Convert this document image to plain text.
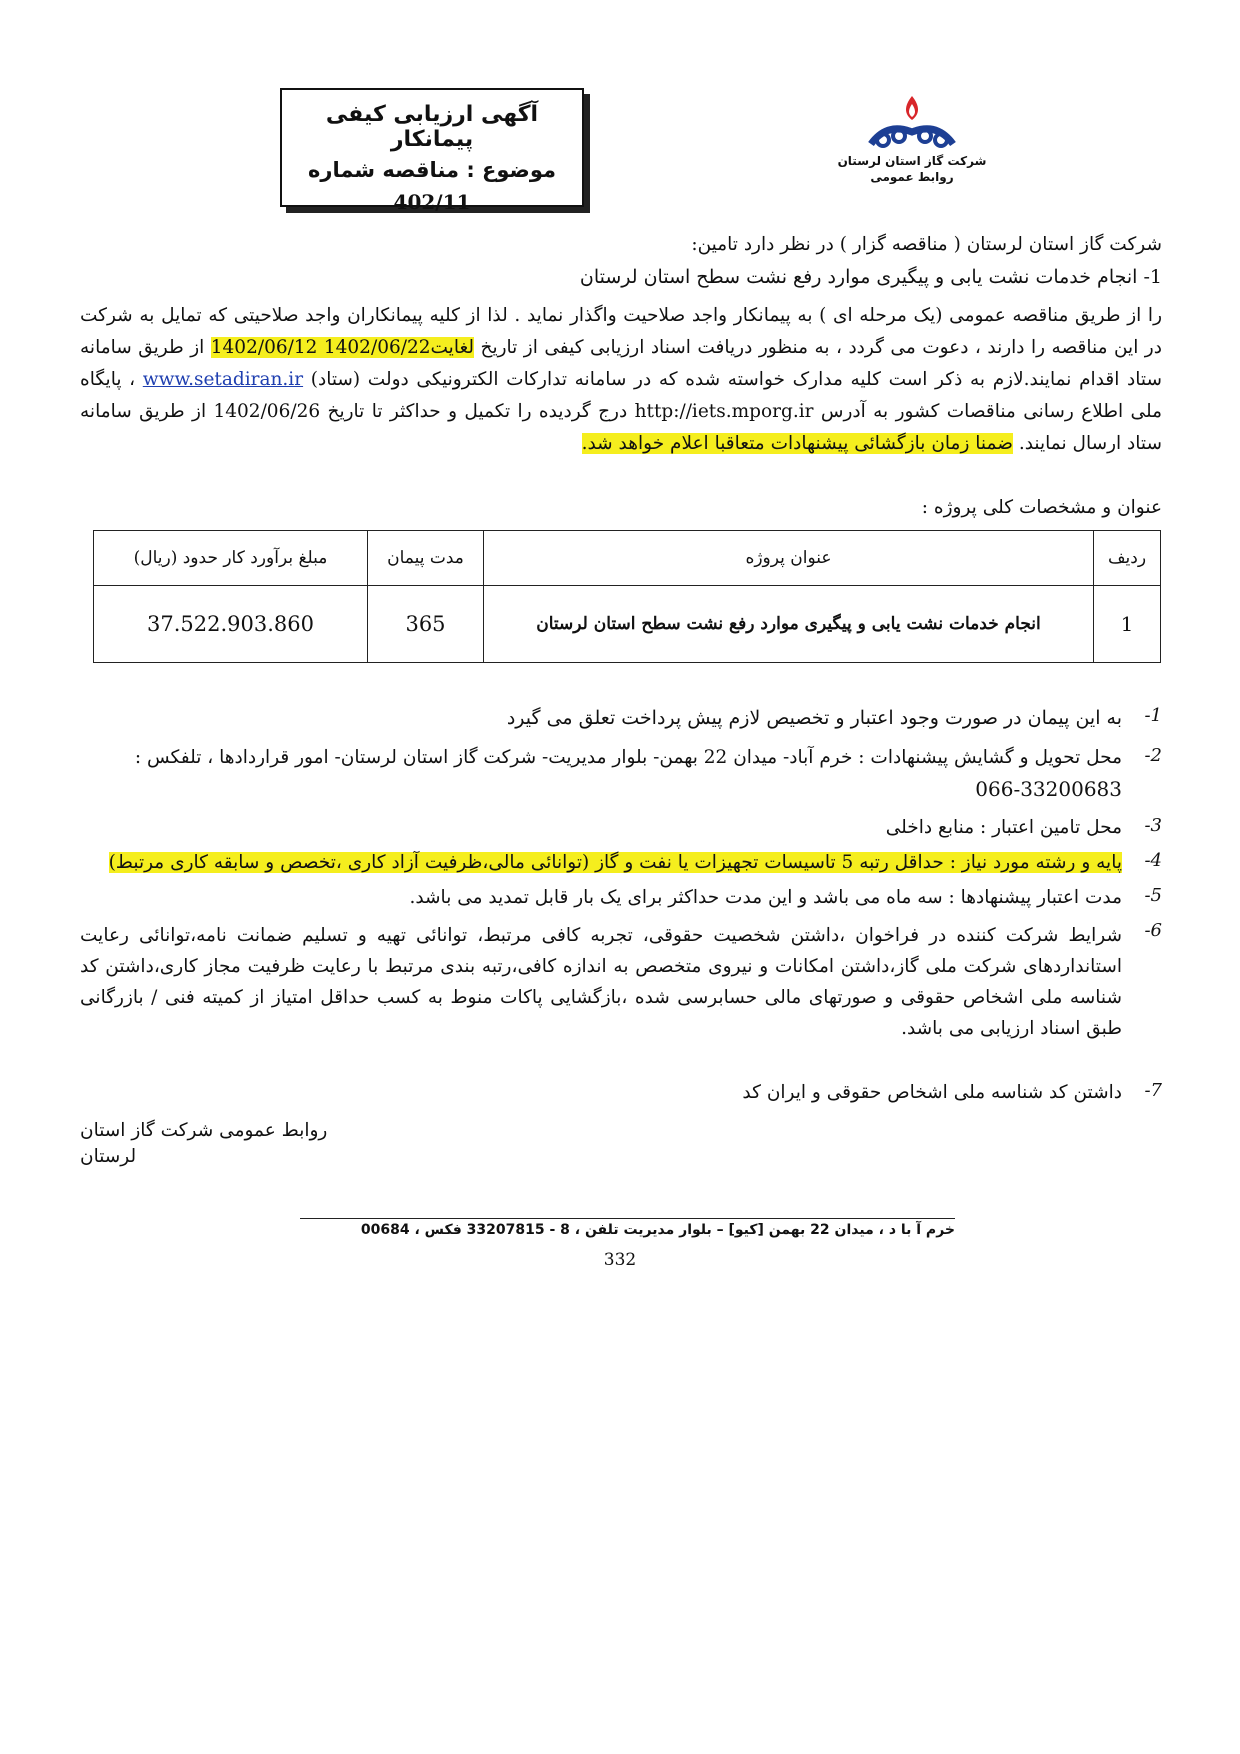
آگهی ارزیابی کیفی پیمانکار
موضوع : مناقصه شماره
402/11
شرکت گاز استان لرستان
روابط عمومی
شرکت گاز استان لرستان ( مناقصه گزار ) در نظر دارد تامین:
1- انجام خدمات نشت یابی و پیگیری موارد رفع نشت سطح استان لرستان
را از طریق مناقصه عمومی (یک مرحله ای ) به پیمانکار واجد صلاحیت واگذار نماید . لذا از کلیه پیمانکاران واجد صلاحیتی که تمایل به شرکت در این مناقصه را دارند ، دعوت می گردد ، به منظور دریافت اسناد ارزیابی کیفی از تاریخ 1402/06/12 لغایت1402/06/22 از طریق سامانه ستاد اقدام نمایند.لازم به ذکر است کلیه مدارک خواسته شده که در سامانه تدارکات الکترونیکی دولت (ستاد) www.setadiran.ir ، پایگاه ملی اطلاع رسانی مناقصات کشور به آدرس http://iets.mporg.ir درج گردیده را تکمیل و حداکثر تا تاریخ 1402/06/26 از طریق سامانه ستاد ارسال نمایند. ضمنا زمان بازگشائی پیشنهادات متعاقبا اعلام خواهد شد.
عنوان و مشخصات کلی پروژه :
ردیف	عنوان پروژه	مدت پیمان	مبلغ برآورد کار حدود (ریال)
1	انجام خدمات نشت یابی و پیگیری موارد رفع نشت سطح استان لرستان	365	37.522.903.860
1-
به این پیمان در صورت وجود اعتبار و تخصیص لازم پیش پرداخت تعلق می گیرد
2-
محل تحویل و گشایش پیشنهادات : خرم آباد- میدان 22 بهمن- بلوار مدیریت- شرکت گاز استان لرستان- امور قراردادها ، تلفکس :
066-33200683
3-
محل تامین اعتبار : منابع داخلی
4-
پایه و رشته مورد نیاز : حداقل رتبه 5 تاسیسات تجهیزات یا نفت و گاز (توانائی مالی،ظرفیت آزاد کاری ،تخصص و سابقه کاری مرتبط)
5-
مدت اعتبار پیشنهادها : سه ماه می باشد و این مدت حداکثر برای یک بار قابل تمدید می باشد.
6-
شرایط شرکت کننده در فراخوان ،داشتن شخصیت حقوقی، تجربه کافی مرتبط، توانائی تهیه و تسلیم ضمانت نامه،توانائی رعایت استانداردهای شرکت ملی گاز،داشتن امکانات و نیروی متخصص به اندازه کافی،رتبه بندی مرتبط با رعایت ظرفیت مجاز کاری،داشتن کد شناسه ملی اشخاص حقوقی و صورتهای مالی حسابرسی شده ،بازگشایی پاکات منوط به کسب حداقل امتیاز از کمیته فنی / بازرگانی طبق اسناد ارزیابی می باشد.
7-
داشتن کد شناسه ملی اشخاص حقوقی و ایران کد
روابط عمومی شرکت گاز استان لرستان
خرم آ با د ، میدان 22 بهمن [کیو] – بلوار مدیریت تلفن ، 8 - 33207815 فکس ، 00684
332
